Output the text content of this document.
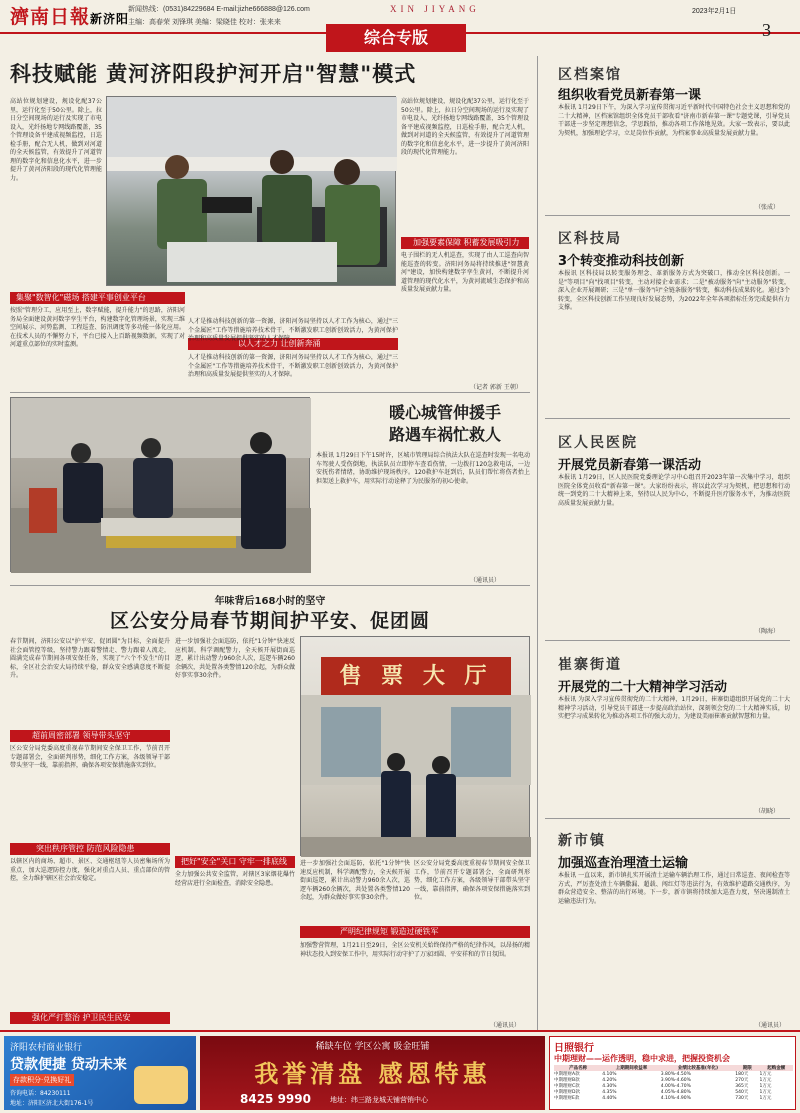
濟南日報新济阳
新闻热线：(0531)84229684 E-mail:jizhe666888@126.com
主编：高春荣 刘锋琪 美编：梁晓佳 校对：张来来
XIN JIYANG	2023年2月1日
3
综合专版
科技赋能 黄河济阳段护河开启"智慧"模式
高站位规划建设，规设化配37公里，运行化至于50公里。除上，拉日分空间现场的运行及实现了市电设入，光纤扬地专网线路覆盖，35个管理设备平建成视频监控，日巡检手册，配合无人机，做到对河道的全天候监管，有效提升了河道管理的数字化和信息化水平，进一步提升了黄河济阳段的现代化管理能力。
集聚"数智化"磁场 搭建平事创业平台
按照"管理分工，应用至上，数字赋能，提升能力"的思路，济阳河务局全面建设黄河数字孪生平台，构建数字化管理场景，实现三维空间展示、河势监测、工程巡查、防汛调度等多功能一体化应用。在技术人员的不懈努力下，平台已接入上百路视频数据，实现了对河道重点部位的实时监测。	以人才之力 让创新奔涌
人才是推动科技创新的第一资源，济阳河务局坚持以人才工作为核心，通过"三个金属匠"工作等措施培养技术骨干，不断激发职工创新创效活力，为黄河保护治理和高质量发展提供坚实的人才保障。
人才是推动科技创新的第一资源，济阳河务局坚持以人才工作为核心，通过"三个金属匠"工作等措施培养技术骨干，不断激发职工创新创效活力，为黄河保护治理和高质量发展提供坚实的人才保障。
高站位规划建设，规设化配37公里，运行化至于50公里。除上，拉日分空间现场的运行及实现了市电设入，光纤扬地专网线路覆盖，35个管理设备平建成视频监控，日巡检手册，配合无人机，做到对河道的全天候监管，有效提升了河道管理的数字化和信息化水平，进一步提升了黄河济阳段的现代化管理能力。
加强要素保障 积蓄发展吸引力
电子围栏的无人机巡查，实现了由人工巡查向智能巡查的转变。济阳河务局将持续推进"智慧黄河"建设，加快构建数字孪生黄河，不断提升河道管理的现代化水平，为黄河流域生态保护和高质量发展贡献力量。
（记者 郭新 王朝）
暖心城管伸援手
路遇车祸忙救人
本报讯 1月29日下午15时许，区城市管理局综合执法大队在巡查时发现一名电动车驾驶人受伤倒地，执法队员立即停车查看伤情，一边拨打120急救电话，一边安抚伤者情绪，协助维护现场秩序。120救护车赶到后，队员们帮忙将伤者抬上担架送上救护车，用实际行动诠释了为民服务的初心使命。
（通讯员）
年味背后168小时的坚守
区公安分局春节期间护平安、促团圆
春节期间，济阳公安以"护平安、促团圆"为目标，全面提升社会面管控等级，坚持警力跟着警情走、警力跟着人流走，圆满完成春节期间各项安保任务，实现了"六个不发生"的目标，全区社会治安大局持续平稳，群众安全感满意度不断提升。
超前周密部署 领导带头坚守
区公安分局党委高度重视春节期间安全保卫工作，节前召开专题部署会，全面研判形势，细化工作方案，各级领导干部带头坚守一线，靠前指挥，确保各项安保措施落实到位。
突出秩序管控 防范风险隐患
以辖区内的商场、超市、景区、交通枢纽等人员密集场所为重点，加大巡逻防控力度，强化对重点人员、重点部位的管控，全力维护辖区社会治安稳定。
强化严打整治 护卫民生民安
进一步加强社会面巡防，依托"1分钟"快速反应机制，科学调配警力，全天候开展街面巡逻，累计出动警力960余人次，巡逻车辆260余辆次，共处置各类警情120余起，为群众做好事实事30余件。
把好"安全"关口 守牢一排底线
全力加强公共安全监管，对辖区3家烟花爆竹经营店进行全面检查，消除安全隐患。
售 票 大 厅
进一步加强社会面巡防，依托"1分钟"快速反应机制，科学调配警力，全天候开展街面巡逻，累计出动警力960余人次，巡逻车辆260余辆次，共处置各类警情120余起，为群众做好事实事30余件。
严明纪律规矩 锻造过硬铁军
区公安分局党委高度重视春节期间安全保卫工作，节前召开专题部署会，全面研判形势，细化工作方案，各级领导干部带头坚守一线，靠前指挥，确保各项安保措施落实到位。
加强警营管理，1月21日至29日，全区公安机关始终保持严格的纪律作风，以昂扬的精神状态投入到安保工作中，用实际行动守护了万家团圆、平安祥和的节日氛围。
（通讯员）
区档案馆
组织收看党员新春第一课
本报讯 1月29日下午，为深入学习宣传贯彻习近平新时代中国特色社会主义思想和党的二十大精神，区档案馆组织全体党员干部收看"济南市新春第一课"专题党课，引导党员干部进一步坚定理想信念，学思践悟，推动各项工作落地见效。大家一致表示，要以此为契机，加强理论学习，立足岗位作贡献，为档案事业高质量发展贡献力量。
（张成）
区科技局
3个转变推动科技创新
本报讯 区科技局以转变服务理念、革新服务方式为突破口，推动全区科技创新。一是"等项目"向"找项目"转变，主动对接企业需求；二是"被动服务"向"主动服务"转变，深入企业开展调研；三是"单一服务"向"全链条服务"转变，推动科技成果转化。通过3个转变，全区科技创新工作呈现良好发展态势，为2022年全年各项指标任务完成提供有力支撑。
区人民医院
开展党员新春第一课活动
本报讯 1月29日，区人民医院党委理论学习中心组召开2023年第一次集中学习，组织医院全体党员收看"新春第一课"。大家纷纷表示，将以此次学习为契机，把思想和行动统一到党的二十大精神上来，坚持以人民为中心，不断提升医疗服务水平，为推动医院高质量发展贡献力量。
（陶海）
崔寨街道
开展党的二十大精神学习活动
本报讯 为深入学习宣传贯彻党的二十大精神，1月29日，崔寨街道组织开展党的二十大精神学习活动，引导党员干部进一步提高政治站位，深刻领会党的二十大精神实质，切实把学习成果转化为推动各项工作的强大动力，为建设美丽崔寨贡献智慧和力量。
（胡晓）
新市镇
加强巡查治理渣土运输
本报讯 一直以来，新市镇扎实开展渣土运输车辆治理工作，通过日常巡查、夜间检查等方式，严厉查处渣土车辆撒漏、超载、闯红灯等违法行为，有效维护道路交通秩序，为群众营造安全、整洁的出行环境。下一步，新市镇将持续加大巡查力度，坚决遏制渣土运输违法行为。
（通讯员）
济阳农村商业银行
贷款便捷 贷动未来
存款积分·兑换好礼
咨询电话：84230111
地址：济阳区济北大街176-1号
稀缺车位 学区公寓 吸金旺铺
我誉清盘 感恩特惠
8425 9990	地址：纬三路龙城天铺营销中心
日照银行
中期理财——运作透明，稳中求进，把握投资机会
产品名称	上期期间收益率	业绩比较基准(年化)	期限	起购金额
中期理财A款	4.10%	3.80%-4.50%	180天	1万元
中期理财B款	4.20%	3.90%-4.60%	270天	1万元
中期理财C款	4.30%	4.00%-4.70%	365天	1万元
中期理财D款	4.35%	4.05%-4.80%	540天	1万元
中期理财E款	4.40%	4.10%-4.90%	730天	1万元
